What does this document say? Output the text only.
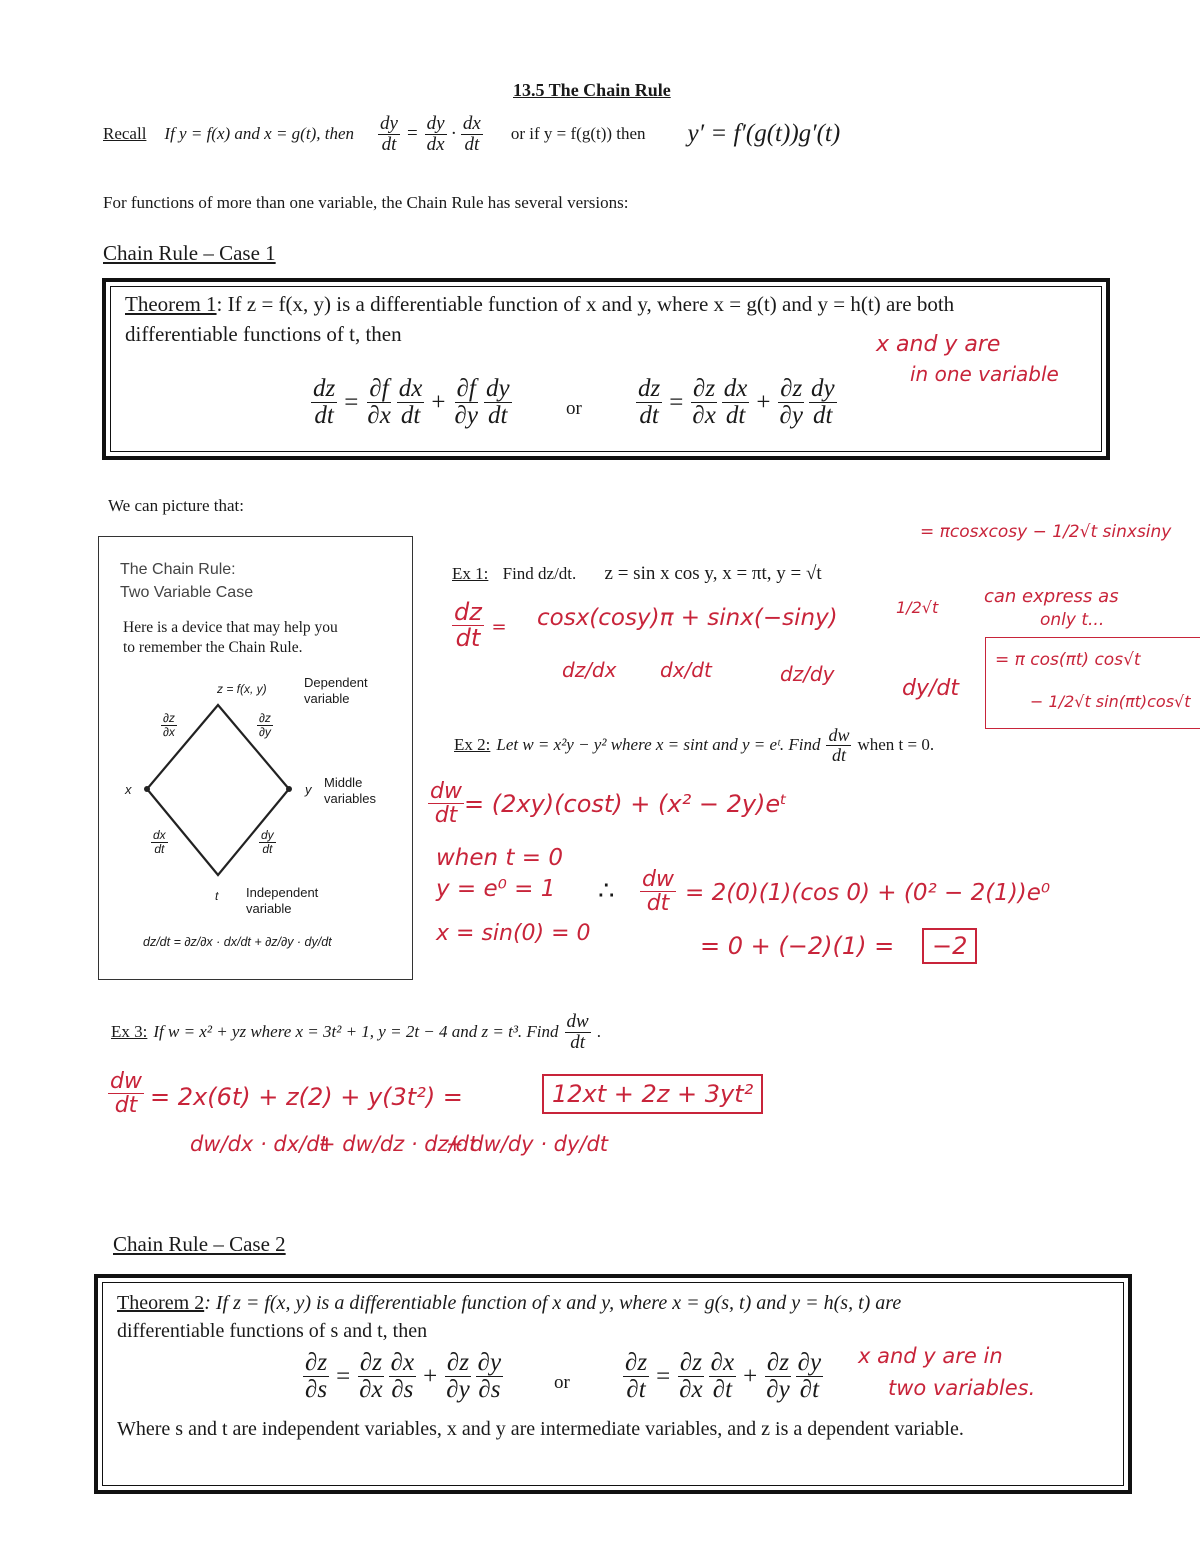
13.5 The Chain Rule
Recall If y = f(x) and x = g(t), then $\frac{dy}{dt} = \frac{dy}{dx} \cdot \frac{dx}{dt}$ or if y = f(g(t)) then y′ = f′(g(t))g′(t)
For functions of more than one variable, the Chain Rule has several versions:
Chain Rule – Case 1
Theorem 1: If z = f(x, y) is a differentiable function of x and y, where x = g(t) and y = h(t) are both
differentiable functions of t, then
$\frac{dz}{dt} = \frac{\partial f}{\partial x} \frac{dx}{dt} + \frac{\partial f}{\partial y} \frac{dy}{dt}$	or $\frac{dz}{dt} = \frac{\partial z}{\partial x} \frac{dx}{dt} + \frac{\partial z}{\partial y} \frac{dy}{dt}$
x and y are
in one variable
We can picture that:
The Chain Rule:
Two Variable Case
Here is a device that may help you
to remember the Chain Rule.
z = f(x, y)	Dependent
variable
$\frac{\partial z}{\partial x}$	$\frac{\partial z}{\partial y}$
x	y Middle
variables
$\frac{dx}{dt}$	$\frac{dy}{dt}$
t Independent
variable
dz/dt = ∂z/∂x · dx/dt + ∂z/∂y · dy/dt
Ex 1: Find dz/dt. z = sin x cos y, x = πt, y = √t
$\frac{dz}{dt} = \cos x(\cos y)\pi + \sin x(-\sin y)$	1/2√t
dz/dx dx/dt	dz/dy
dy/dt
= πcosxcosy − 1/2√t sinxsiny
can express as
only t...
= π cos(πt) cos√t
− 1/2√t sin(πt)cos√t
Ex 2: Let w = x²y − y² where x = sint and y = eᵗ. Find $\frac{dw}{dt}$ when t = 0.
$\frac{dw}{dt} = (2xy)(\cos t) + (x^2$ − 2y)eᵗ
when t = 0
y = e⁰ = 1
x = sin(0) = 0
∴ $\frac{dw}{dt} = 2(0)(1)(\cos$ 0) + (0² − 2(1))e⁰
= 0 + (−2)(1) =	−2
Ex 3: If w = x² + yz where x = 3t² + 1, y = 2t − 4 and z = t³. Find $\frac{dw}{dt}$ .
$\frac{dw}{dt} = 2x(6t) + z(2) + y(3t^2)$ =	12xt + 2z + 3yt²
dw/dx · dx/dt
+ dw/dz · dz/dt
+ dw/dy · dy/dt
Chain Rule – Case 2
Theorem 2: If z = f(x, y) is a differentiable function of x and y, where x = g(s, t) and y = h(s, t) are
differentiable functions of s and t, then
$\frac{\partial z}{\partial s} = \frac{\partial z}{\partial x} \frac{\partial x}{\partial s} + \frac{\partial z}{\partial y} \frac{\partial y}{\partial s}$	or $\frac{\partial z}{\partial t} = \frac{\partial z}{\partial x} \frac{\partial x}{\partial t} + \frac{\partial z}{\partial y} \frac{\partial y}{\partial t}$ x and y are in
two variables.
Where s and t are independent variables, x and y are intermediate variables, and z is a dependent variable.
